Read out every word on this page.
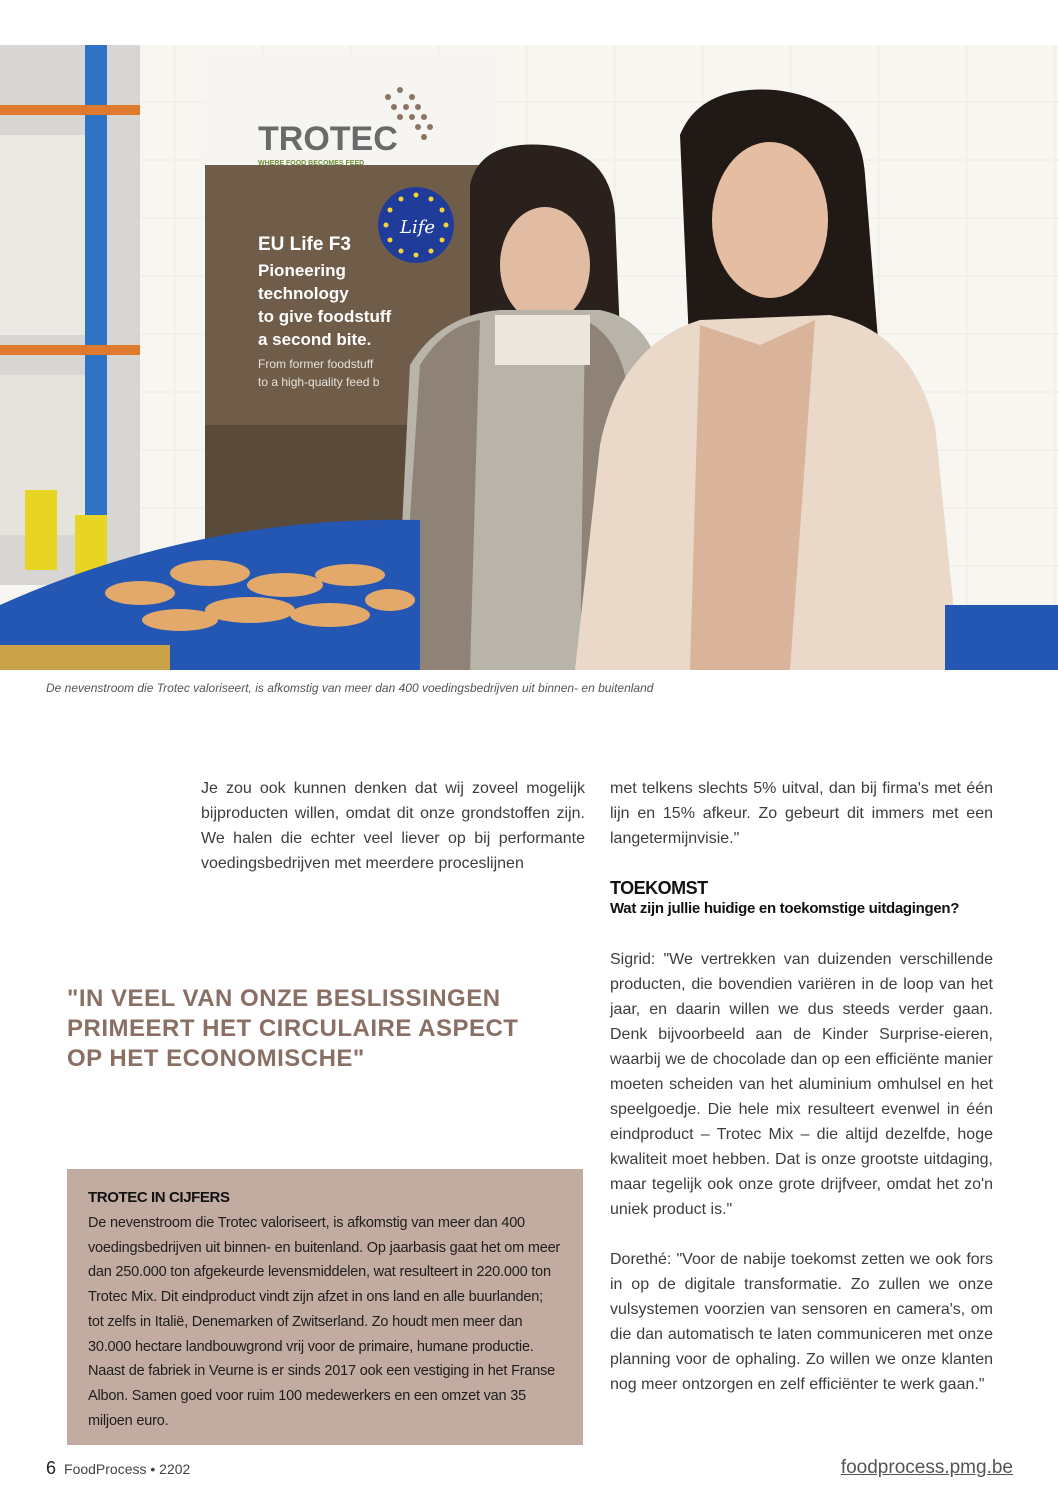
TROTEC
WHERE FOOD BECOMES FEED
Life
EU Life F3
Pioneering
technology
to give foodstuff
a second bite.
From former foodstuff
to a high-quality feed b
De nevenstroom die Trotec valoriseert, is afkomstig van meer dan 400 voedingsbedrijven uit binnen- en buitenland

Je zou ook kunnen denken dat wij zoveel mogelijk bijproducten willen, omdat dit onze grondstoffen zijn. We halen die echter veel liever op bij performante voedingsbedrijven met meerdere proceslijnen

met telkens slechts 5% uitval, dan bij firma's met één lijn en 15% afkeur. Zo gebeurt dit immers met een langetermijnvisie."

TOEKOMST
Wat zijn jullie huidige en toekomstige uitdagingen?

Sigrid: "We vertrekken van duizenden verschillende producten, die bovendien variëren in de loop van het jaar, en daarin willen we dus steeds verder gaan. Denk bijvoorbeeld aan de Kinder Surprise-eieren, waarbij we de chocolade dan op een efficiënte manier moeten scheiden van het aluminium omhulsel en het speelgoedje. Die hele mix resulteert evenwel in één eindproduct – Trotec Mix – die altijd dezelfde, hoge kwaliteit moet hebben. Dat is onze grootste uitdaging, maar tegelijk ook onze grote drijfveer, omdat het zo'n uniek product is."

Dorethé: "Voor de nabije toekomst zetten we ook fors in op de digitale transformatie. Zo zullen we onze vulsystemen voorzien van sensoren en camera's, om die dan automatisch te laten communiceren met onze planning voor de ophaling. Zo willen we onze klanten nog meer ontzorgen en zelf efficiënter te werk gaan."

"IN VEEL VAN ONZE BESLISSINGEN PRIMEERT HET CIRCULAIRE ASPECT OP HET ECONOMISCHE"
TROTEC IN CIJFERS
De nevenstroom die Trotec valoriseert, is afkomstig van meer dan 400 voedingsbedrijven uit binnen- en buitenland. Op jaarbasis gaat het om meer dan 250.000 ton afgekeurde levensmiddelen, wat resulteert in 220.000 ton Trotec Mix. Dit eindproduct vindt zijn afzet in ons land en alle buurlanden; tot zelfs in Italië, Denemarken of Zwitserland. Zo houdt men meer dan 30.000 hectare landbouwgrond vrij voor de primaire, humane productie. Naast de fabriek in Veurne is er sinds 2017 ook een vestiging in het Franse Albon. Samen goed voor ruim 100 medewerkers en een omzet van 35 miljoen euro.
6 FoodProcess • 2202	foodprocess.pmg.be
